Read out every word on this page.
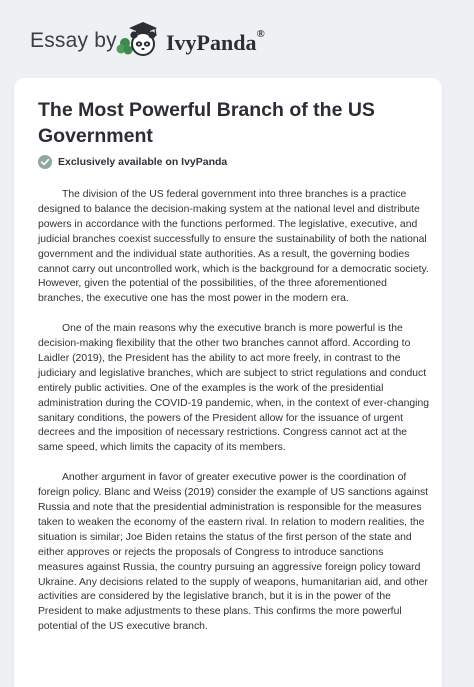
Essay by IvyPanda®
The Most Powerful Branch of the US Government
Exclusively available on IvyPanda

The division of the US federal government into three branches is a practice designed to balance the decision-making system at the national level and distribute powers in accordance with the functions performed. The legislative, executive, and judicial branches coexist successfully to ensure the sustainability of both the national government and the individual state authorities. As a result, the governing bodies cannot carry out uncontrolled work, which is the background for a democratic society. However, given the potential of the possibilities, of the three aforementioned branches, the executive one has the most power in the modern era.

One of the main reasons why the executive branch is more powerful is the decision-making flexibility that the other two branches cannot afford. According to Laidler (2019), the President has the ability to act more freely, in contrast to the judiciary and legislative branches, which are subject to strict regulations and conduct entirely public activities. One of the examples is the work of the presidential administration during the COVID-19 pandemic, when, in the context of ever-changing sanitary conditions, the powers of the President allow for the issuance of urgent decrees and the imposition of necessary restrictions. Congress cannot act at the same speed, which limits the capacity of its members.

Another argument in favor of greater executive power is the coordination of foreign policy. Blanc and Weiss (2019) consider the example of US sanctions against Russia and note that the presidential administration is responsible for the measures taken to weaken the economy of the eastern rival. In relation to modern realities, the situation is similar; Joe Biden retains the status of the first person of the state and either approves or rejects the proposals of Congress to introduce sanctions measures against Russia, the country pursuing an aggressive foreign policy toward Ukraine. Any decisions related to the supply of weapons, humanitarian aid, and other activities are considered by the legislative branch, but it is in the power of the President to make adjustments to these plans. This confirms the more powerful potential of the US executive branch.
